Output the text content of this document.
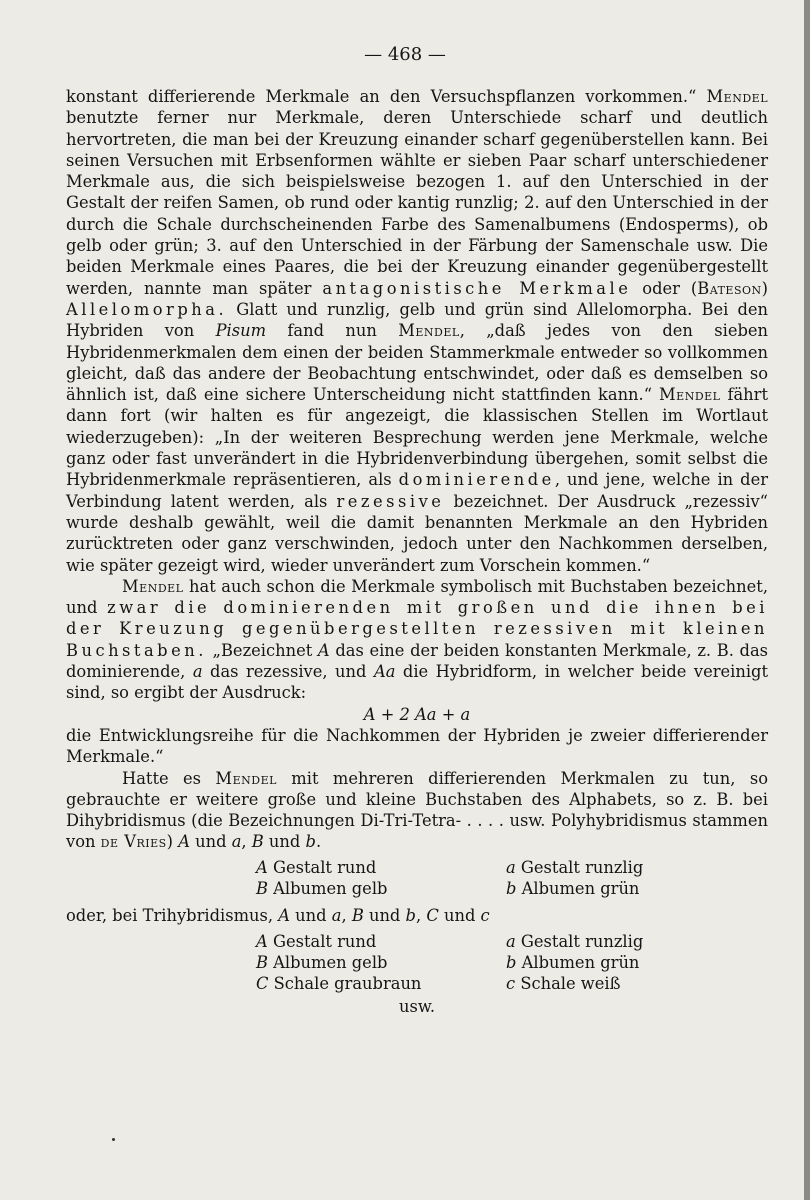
— 468 —

konstant differierende Merkmale an den Versuchspflanzen vorkommen.“ Mendel benutzte ferner nur Merkmale, deren Unterschiede scharf und deutlich hervortreten, die man bei der Kreuzung einander scharf gegenüberstellen kann. Bei seinen Versuchen mit Erbsenformen wählte er sieben Paar scharf unterschiedener Merkmale aus, die sich beispielsweise bezogen 1. auf den Unterschied in der Gestalt der reifen Samen, ob rund oder kantig runzlig; 2. auf den Unterschied in der durch die Schale durchscheinenden Farbe des Samenalbumens (Endosperms), ob gelb oder grün; 3. auf den Unterschied in der Färbung der Samenschale usw. Die beiden Merkmale eines Paares, die bei der Kreuzung einander gegenübergestellt werden, nannte man später antagonistische Merkmale oder (Bateson) Allelomorpha. Glatt und runzlig, gelb und grün sind Allelomorpha. Bei den Hybriden von Pisum fand nun Mendel, „daß jedes von den sieben Hybridenmerkmalen dem einen der beiden Stammerkmale entweder so vollkommen gleicht, daß das andere der Beobachtung entschwindet, oder daß es demselben so ähnlich ist, daß eine sichere Unterscheidung nicht stattfinden kann.“ Mendel fährt dann fort (wir halten es für angezeigt, die klassischen Stellen im Wortlaut wiederzugeben): „In der weiteren Besprechung werden jene Merkmale, welche ganz oder fast unverändert in die Hybridenverbindung übergehen, somit selbst die Hybridenmerkmale repräsentieren, als dominierende, und jene, welche in der Verbindung latent werden, als rezessive bezeichnet. Der Ausdruck „rezessiv“ wurde deshalb gewählt, weil die damit benannten Merkmale an den Hybriden zurücktreten oder ganz verschwinden, jedoch unter den Nachkommen derselben, wie später gezeigt wird, wieder unverändert zum Vorschein kommen.“

Mendel hat auch schon die Merkmale symbolisch mit Buchstaben bezeichnet, und zwar die dominierenden mit großen und die ihnen bei der Kreuzung gegenübergestellten rezessiven mit kleinen Buchstaben. „Bezeichnet A das eine der beiden konstanten Merkmale, z. B. das dominierende, a das rezessive, und Aa die Hybridform, in welcher beide vereinigt sind, so ergibt der Ausdruck:

A + 2 Aa + a

die Entwicklungsreihe für die Nachkommen der Hybriden je zweier differierender Merkmale.“

Hatte es Mendel mit mehreren differierenden Merkmalen zu tun, so gebrauchte er weitere große und kleine Buchstaben des Alphabets, so z. B. bei Dihybridismus (die Bezeichnungen Di-Tri-Tetra- . . . . usw. Polyhybridismus stammen von de Vries) A und a, B und b.

A Gestalt rund	a Gestalt runzlig
B Albumen gelb	b Albumen grün

oder, bei Trihybridismus, A und a, B und b, C und c

A Gestalt rund	a Gestalt runzlig
B Albumen gelb	b Albumen grün
C Schale graubraun	c Schale weiß

usw.
